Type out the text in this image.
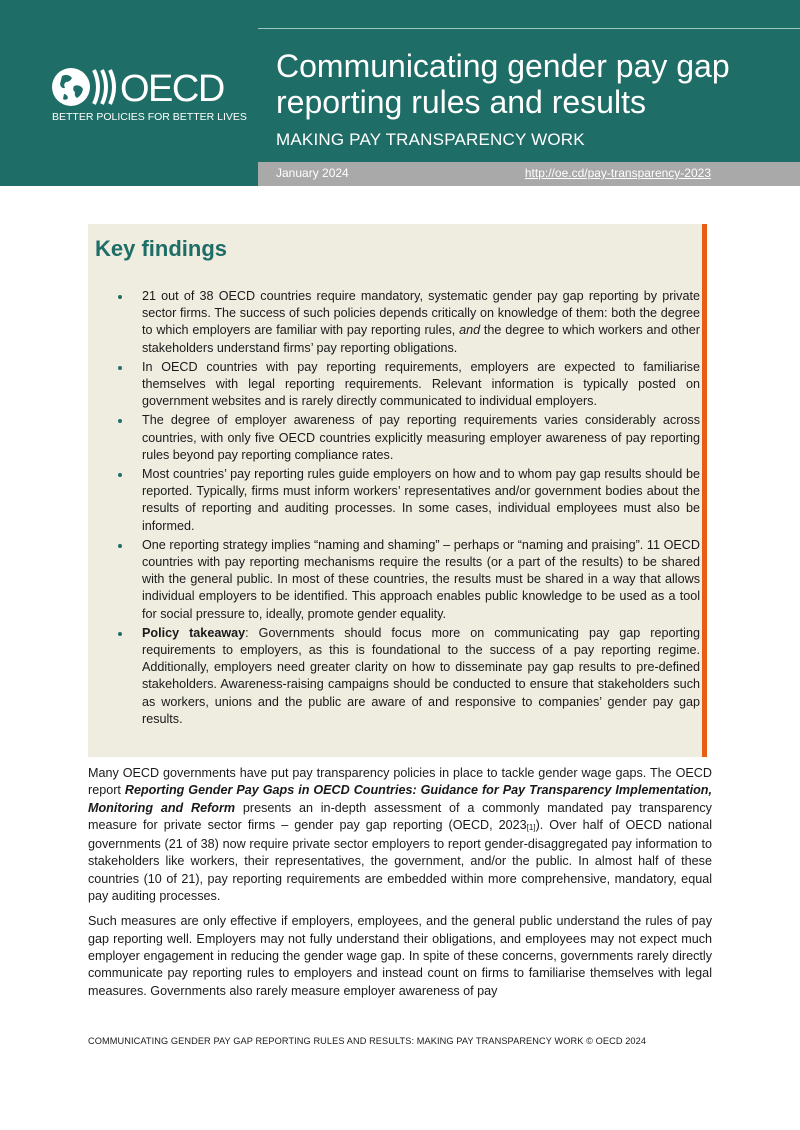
OECD
BETTER POLICIES FOR BETTER LIVES
Communicating gender pay gap reporting rules and results
MAKING PAY TRANSPARENCY WORK
January 2024	http://oe.cd/pay-transparency-2023
Key findings
21 out of 38 OECD countries require mandatory, systematic gender pay gap reporting by private sector firms. The success of such policies depends critically on knowledge of them: both the degree to which employers are familiar with pay reporting rules, and the degree to which workers and other stakeholders understand firms’ pay reporting obligations.
In OECD countries with pay reporting requirements, employers are expected to familiarise themselves with legal reporting requirements. Relevant information is typically posted on government websites and is rarely directly communicated to individual employers.
The degree of employer awareness of pay reporting requirements varies considerably across countries, with only five OECD countries explicitly measuring employer awareness of pay reporting rules beyond pay reporting compliance rates.
Most countries’ pay reporting rules guide employers on how and to whom pay gap results should be reported. Typically, firms must inform workers’ representatives and/or government bodies about the results of reporting and auditing processes. In some cases, individual employees must also be informed.
One reporting strategy implies “naming and shaming” – perhaps or “naming and praising”. 11 OECD countries with pay reporting mechanisms require the results (or a part of the results) to be shared with the general public. In most of these countries, the results must be shared in a way that allows individual employers to be identified. This approach enables public knowledge to be used as a tool for social pressure to, ideally, promote gender equality.
Policy takeaway: Governments should focus more on communicating pay gap reporting requirements to employers, as this is foundational to the success of a pay reporting regime. Additionally, employers need greater clarity on how to disseminate pay gap results to pre-defined stakeholders. Awareness-raising campaigns should be conducted to ensure that stakeholders such as workers, unions and the public are aware of and responsive to companies’ gender pay gap results.

Many OECD governments have put pay transparency policies in place to tackle gender wage gaps. The OECD report Reporting Gender Pay Gaps in OECD Countries: Guidance for Pay Transparency Implementation, Monitoring and Reform presents an in-depth assessment of a commonly mandated pay transparency measure for private sector firms – gender pay gap reporting (OECD, 2023[1]). Over half of OECD national governments (21 of 38) now require private sector employers to report gender-disaggregated pay information to stakeholders like workers, their representatives, the government, and/or the public. In almost half of these countries (10 of 21), pay reporting requirements are embedded within more comprehensive, mandatory, equal pay auditing processes.

Such measures are only effective if employers, employees, and the general public understand the rules of pay gap reporting well. Employers may not fully understand their obligations, and employees may not expect much employer engagement in reducing the gender wage gap. In spite of these concerns, governments rarely directly communicate pay reporting rules to employers and instead count on firms to familiarise themselves with legal measures. Governments also rarely measure employer awareness of pay

COMMUNICATING GENDER PAY GAP REPORTING RULES AND RESULTS: MAKING PAY TRANSPARENCY WORK © OECD 2024
